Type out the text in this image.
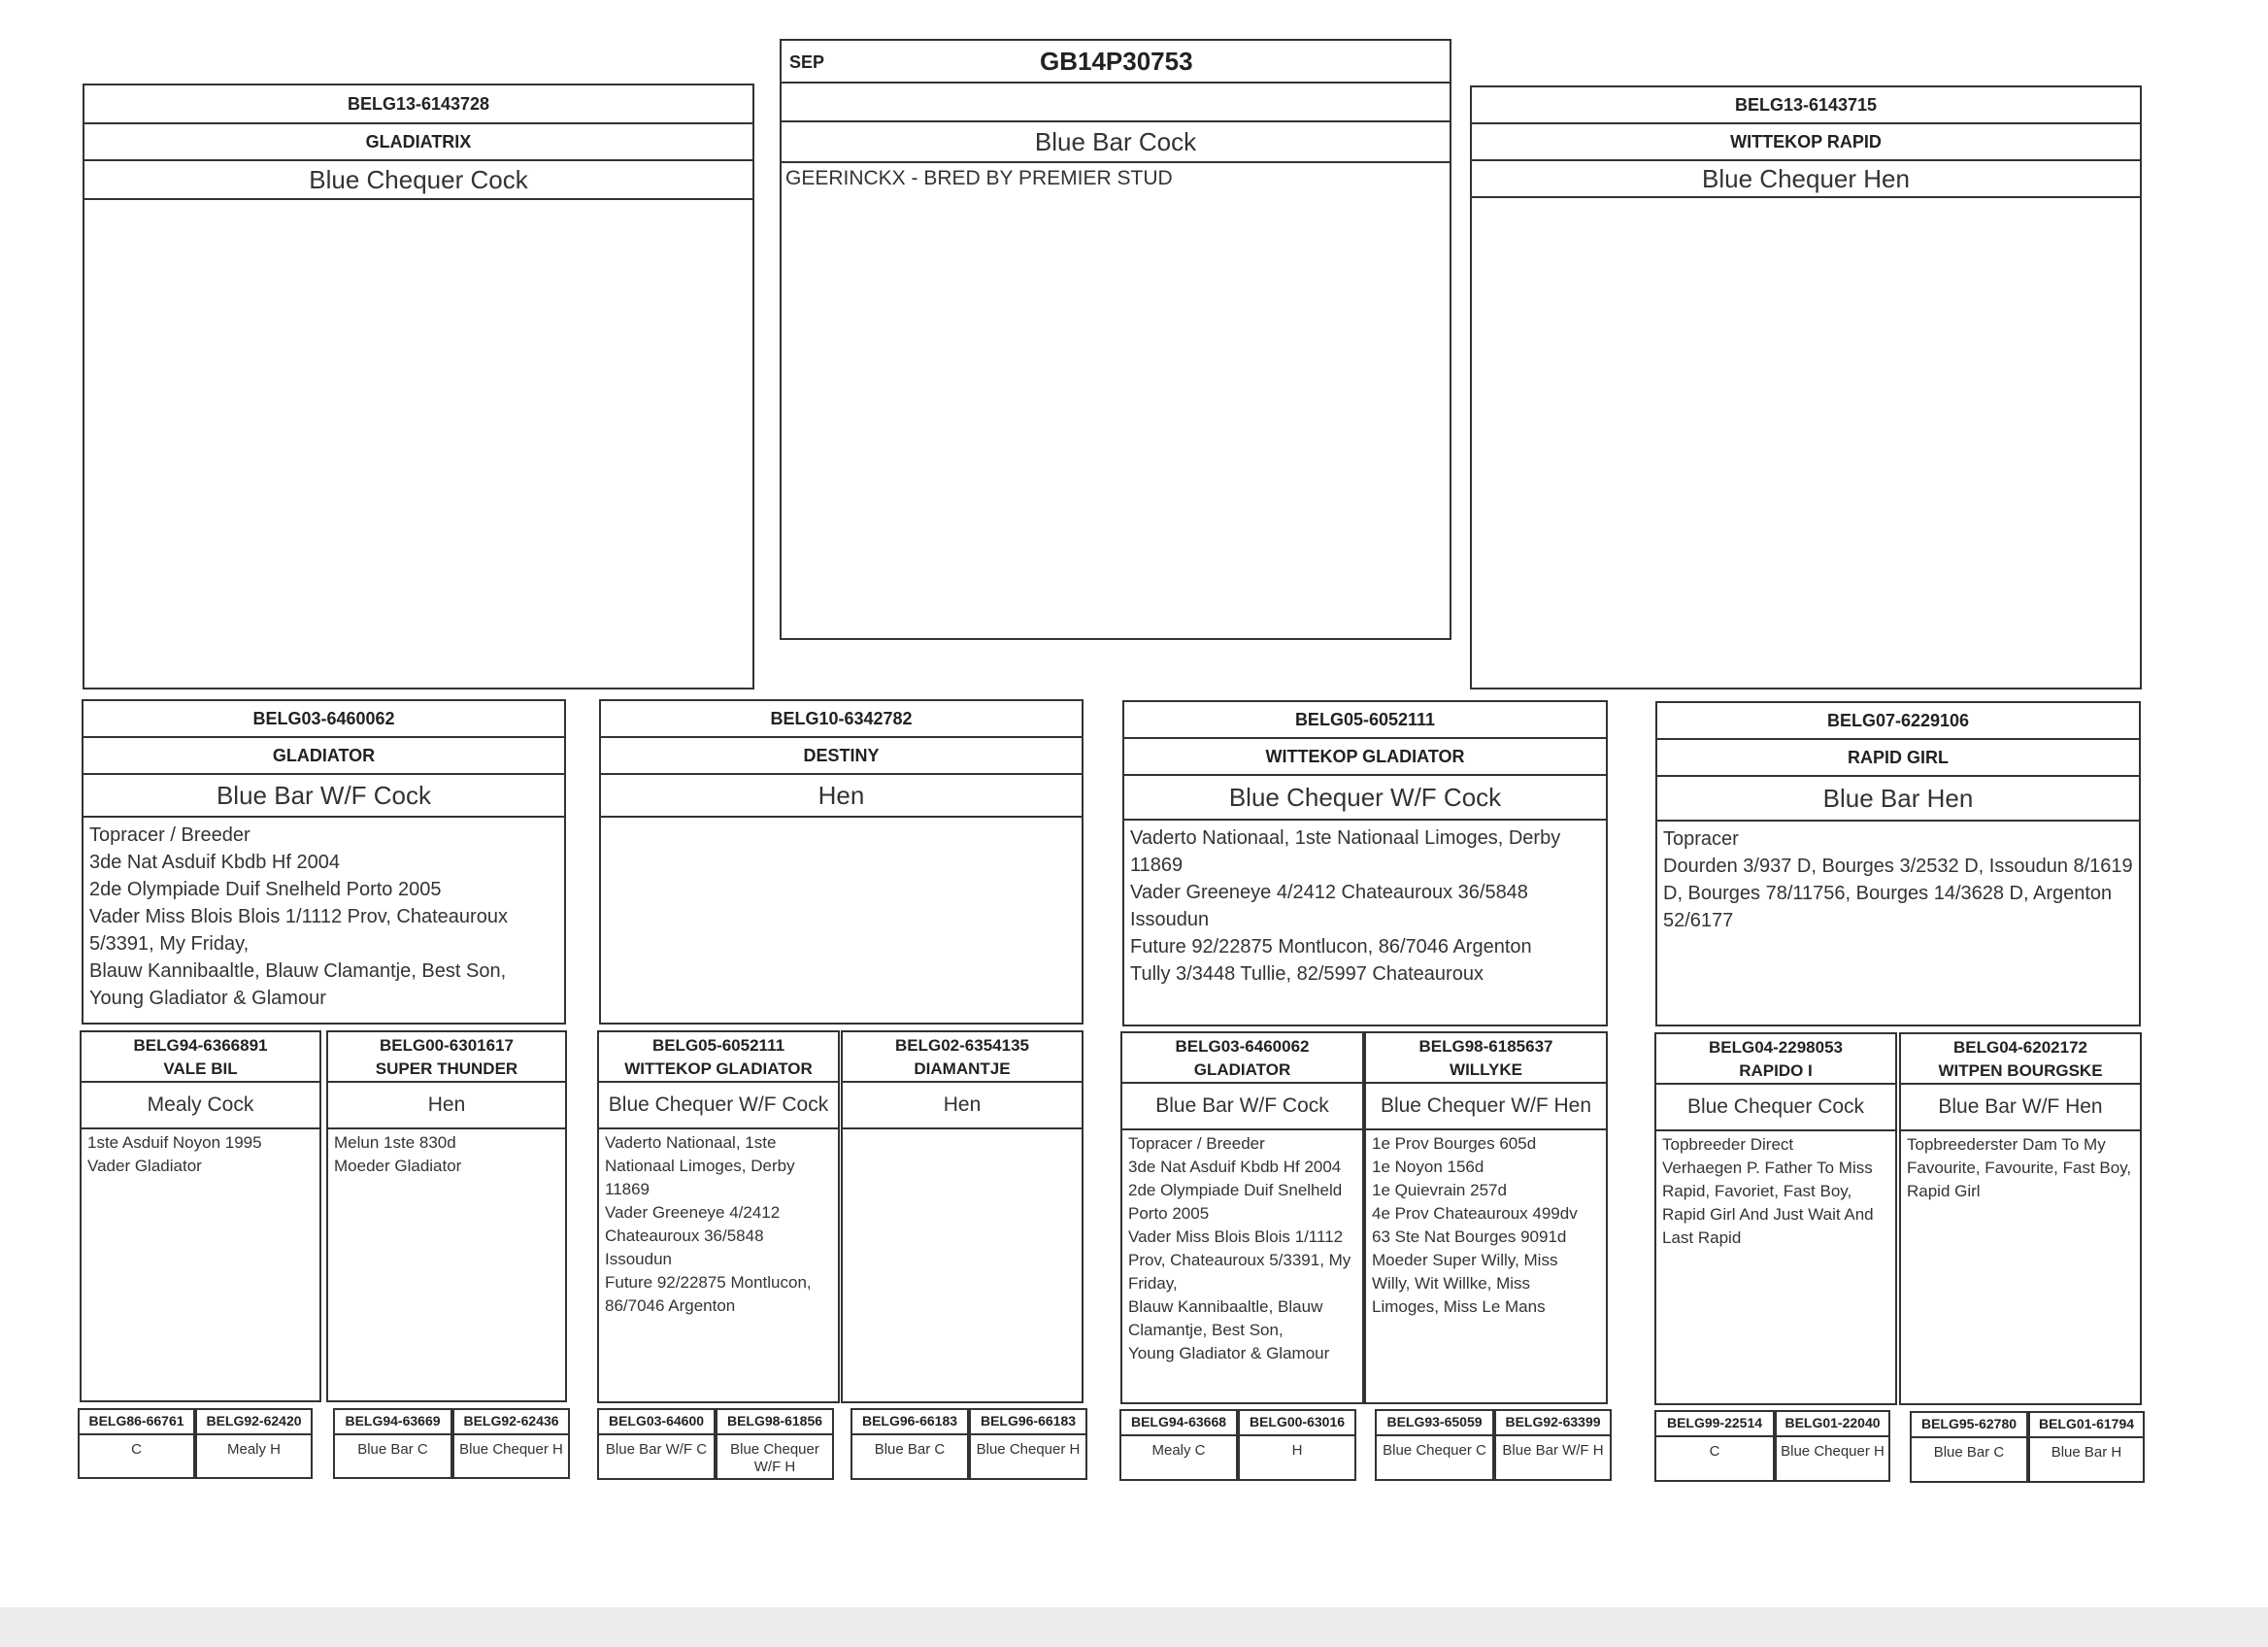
SEP	GB14P30753
Blue Bar Cock
GEERINCKX - BRED BY PREMIER STUD
BELG13-6143728
GLADIATRIX
Blue Chequer Cock
BELG13-6143715
WITTEKOP RAPID
Blue Chequer Hen
BELG03-6460062
GLADIATOR
Blue Bar W/F Cock
Topracer / Breeder
3de Nat Asduif Kbdb Hf 2004
2de Olympiade Duif Snelheld Porto 2005
Vader Miss Blois Blois 1/1112 Prov, Chateauroux 5/3391, My Friday,
Blauw Kannibaaltle, Blauw Clamantje, Best Son, Young Gladiator & Glamour
BELG10-6342782
DESTINY
Hen
BELG05-6052111
WITTEKOP GLADIATOR
Blue Chequer W/F Cock
Vaderto Nationaal, 1ste Nationaal Limoges, Derby 11869
Vader Greeneye 4/2412 Chateauroux 36/5848 Issoudun
Future 92/22875 Montlucon, 86/7046 Argenton
Tully 3/3448 Tullie, 82/5997 Chateauroux
BELG07-6229106
RAPID GIRL
Blue Bar Hen
Topracer
Dourden 3/937 D, Bourges 3/2532 D, Issoudun 8/1619 D, Bourges 78/11756, Bourges 14/3628 D, Argenton 52/6177
BELG94-6366891
VALE BIL
Mealy Cock
1ste Asduif Noyon 1995
Vader Gladiator
BELG00-6301617
SUPER THUNDER
Hen
Melun 1ste 830d
Moeder Gladiator
BELG05-6052111
WITTEKOP GLADIATOR
Blue Chequer W/F Cock
Vaderto Nationaal, 1ste Nationaal Limoges, Derby 11869
Vader Greeneye 4/2412 Chateauroux 36/5848 Issoudun
Future 92/22875 Montlucon, 86/7046 Argenton
BELG02-6354135
DIAMANTJE
Hen
BELG03-6460062
GLADIATOR
Blue Bar W/F Cock
Topracer / Breeder
3de Nat Asduif Kbdb Hf 2004
2de Olympiade Duif Snelheld Porto 2005
Vader Miss Blois Blois 1/1112 Prov, Chateauroux 5/3391, My Friday,
Blauw Kannibaaltle, Blauw Clamantje, Best Son,
Young Gladiator & Glamour
BELG98-6185637
WILLYKE
Blue Chequer W/F Hen
1e Prov Bourges 605d
1e Noyon 156d
1e Quievrain 257d
4e Prov Chateauroux 499dv
63 Ste Nat Bourges 9091d
Moeder Super Willy, Miss Willy, Wit Willke, Miss Limoges, Miss Le Mans
BELG04-2298053
RAPIDO I
Blue Chequer Cock
Topbreeder Direct
Verhaegen P. Father To Miss Rapid, Favoriet, Fast Boy, Rapid Girl And Just Wait And Last Rapid
BELG04-6202172
WITPEN BOURGSKE
Blue Bar W/F Hen
Topbreederster Dam To My Favourite, Favourite, Fast Boy, Rapid Girl
BELG86-66761
C
BELG92-62420
Mealy H
BELG94-63669
Blue Bar C
BELG92-62436
Blue Chequer H
BELG03-64600
Blue Bar W/F C
BELG98-61856
Blue Chequer W/F H
BELG96-66183
Blue Bar C
BELG96-66183
Blue Chequer H
BELG94-63668
Mealy C
BELG00-63016
H
BELG93-65059
Blue Chequer C
BELG92-63399
Blue Bar W/F H
BELG99-22514
C
BELG01-22040
Blue Chequer H
BELG95-62780
Blue Bar C
BELG01-61794
Blue Bar H
